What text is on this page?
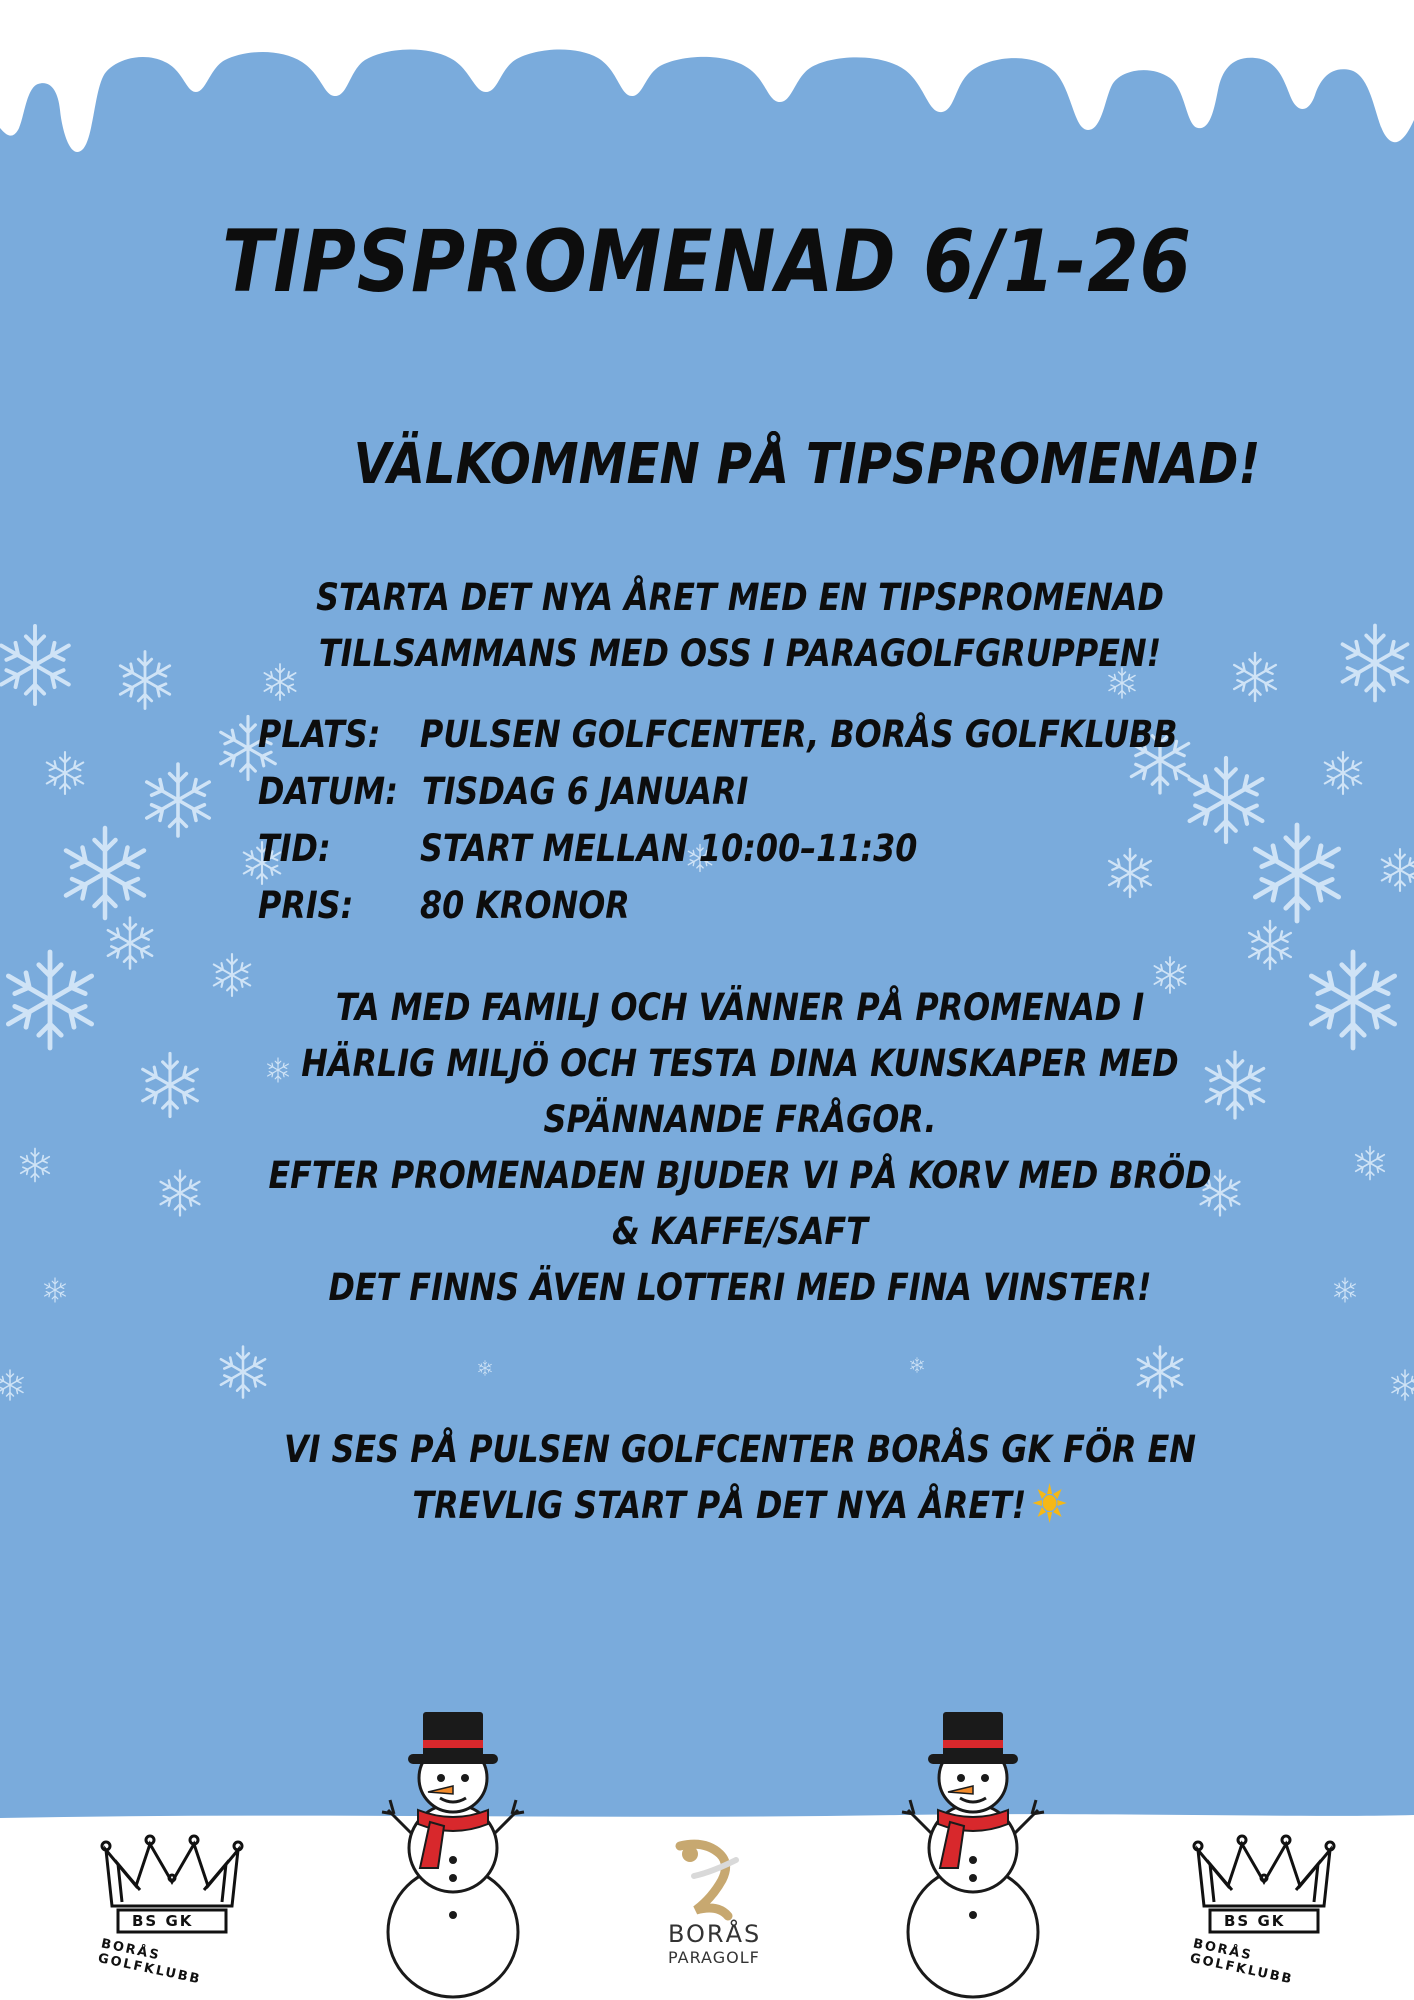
TIPSPROMENAD 6/1-26
VÄLKOMMEN PÅ TIPSPROMENAD!
STARTA DET NYA ÅRET MED EN TIPSPROMENAD
TILLSAMMANS MED OSS I PARAGOLFGRUPPEN!
PLATS: PULSEN GOLFCENTER, BORÅS GOLFKLUBB
DATUM: TISDAG 6 JANUARI
TID: START MELLAN 10:00–11:30
PRIS: 80 KRONOR
TA MED FAMILJ OCH VÄNNER PÅ PROMENAD I
HÄRLIG MILJÖ OCH TESTA DINA KUNSKAPER MED
SPÄNNANDE FRÅGOR.
EFTER PROMENADEN BJUDER VI PÅ KORV MED BRÖD
& KAFFE/SAFT
DET FINNS ÄVEN LOTTERI MED FINA VINSTER!
VI SES PÅ PULSEN GOLFCENTER BORÅS GK FÖR EN
TREVLIG START PÅ DET NYA ÅRET!
BS GK
BORÅS GOLFKLUBB
BORÅS
PARAGOLF
BS GK
BORÅS GOLFKLUBB
